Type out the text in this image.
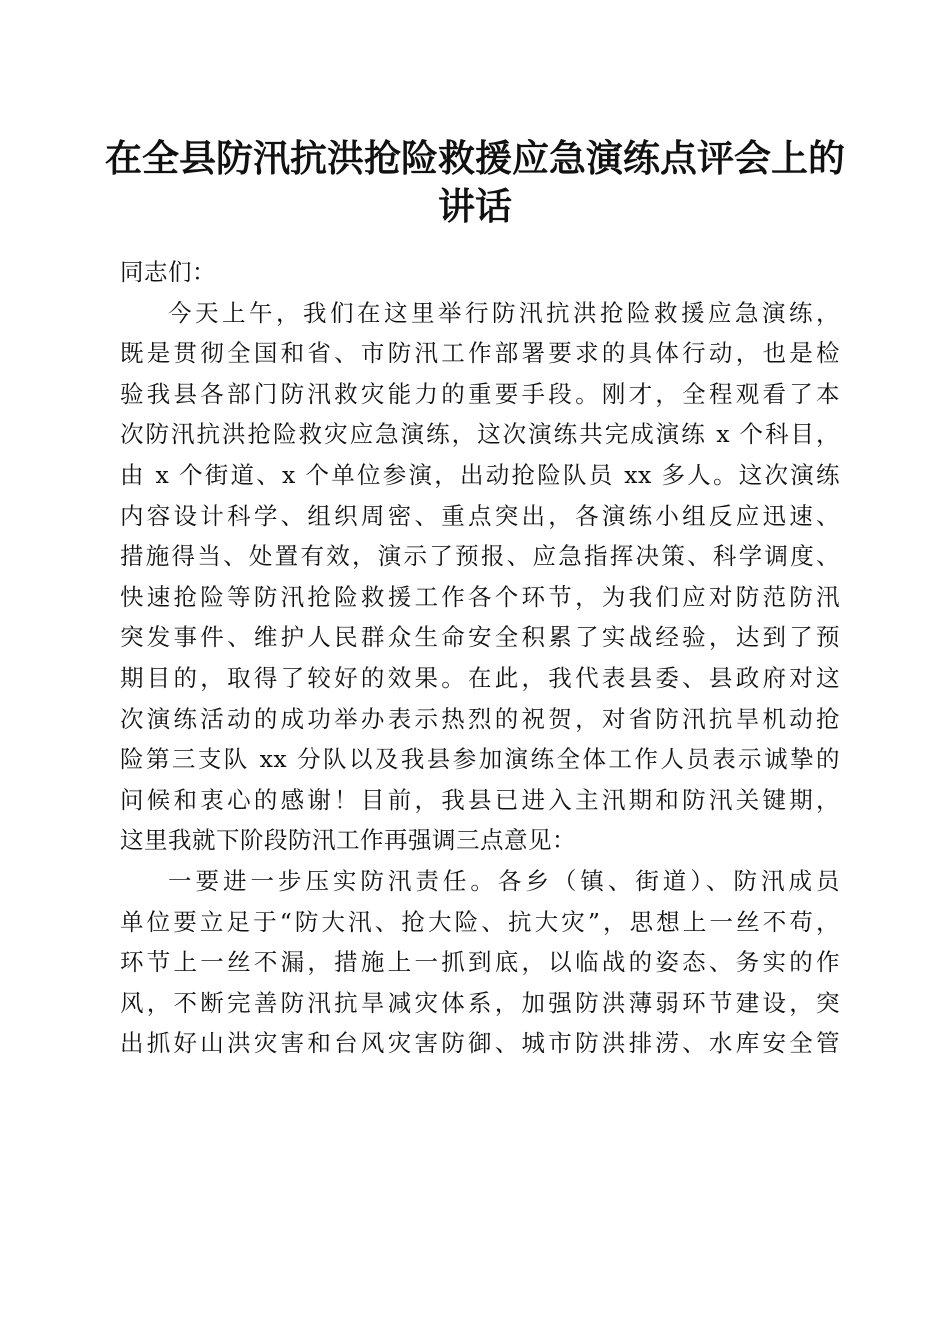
在全县防汛抗洪抢险救援应急演练点评会上的
讲话
同志们：
今天上午，我们在这里举行防汛抗洪抢险救援应急演练，
既是贯彻全国和省、市防汛工作部署要求的具体行动，也是检
验我县各部门防汛救灾能力的重要手段。刚才，全程观看了本
次防汛抗洪抢险救灾应急演练，这次演练共完成演练 x 个科目，
由 x 个街道、x 个单位参演，出动抢险队员 xx 多人。这次演练
内容设计科学、组织周密、重点突出，各演练小组反应迅速、
措施得当、处置有效，演示了预报、应急指挥决策、科学调度、
快速抢险等防汛抢险救援工作各个环节，为我们应对防范防汛
突发事件、维护人民群众生命安全积累了实战经验，达到了预
期目的，取得了较好的效果。在此，我代表县委、县政府对这
次演练活动的成功举办表示热烈的祝贺，对省防汛抗旱机动抢
险第三支队 xx 分队以及我县参加演练全体工作人员表示诚挚的
问候和衷心的感谢！目前，我县已进入主汛期和防汛关键期，
这里我就下阶段防汛工作再强调三点意见：
一要进一步压实防汛责任。各乡（镇、街道）、防汛成员
单位要立足于“防大汛、抢大险、抗大灾”，思想上一丝不苟，
环节上一丝不漏，措施上一抓到底，以临战的姿态、务实的作
风，不断完善防汛抗旱减灾体系，加强防洪薄弱环节建设，突
出抓好山洪灾害和台风灾害防御、城市防洪排涝、水库安全管
